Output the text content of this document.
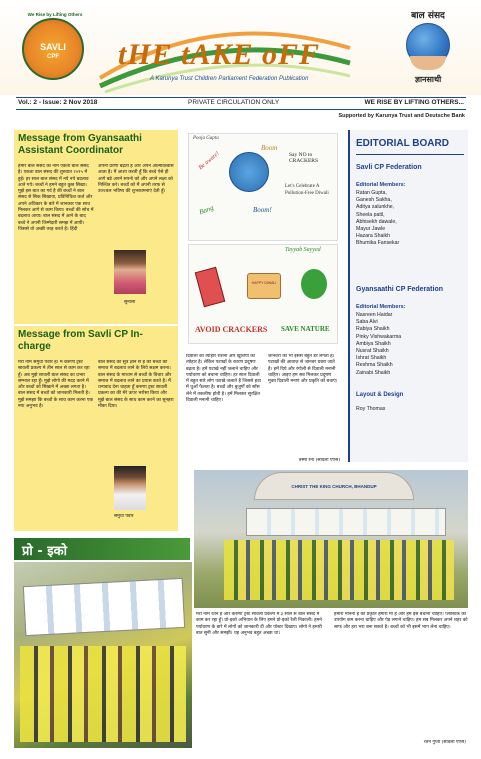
We Rise by Lifting Others
SAVLI
CPF	tHE tAKE oFF
A Karunya Trust Children Parliament Federation Publication
बाल संसद
ज्ञानसाथी
Vol.: 2 - Issue: 2 Nov 2018	PRIVATE CIRCULATION ONLY	WE RISE BY LIFTING OTHERS...
Supported by Karunya Trust and Deutsche Bank
Message from Gyansaathi Assistant Coordinator
हमारे बाल संसद का नाम एकता बाल संसद है। एकता बाल संसद की शुरुवात २०१५ में हुई। हर साल बाल संसद में नये नये बदलाव आते गये। बच्चों ने हमने बहुत कुछ सिखा। मुझे इस बात का गर्व है की बच्चों ने बाल संसद से सिक सिखाया, प्रतिनिधित्व कर्ज और अपने अधिकार के बारे में जानकार एक साथ मिलकर आगे से काम किया। बच्चों की सोच में बदलाव आया। बाल संसद में आने के बाद बच्चे ने अपनी जिम्मेदारी समझ में आयी। जिससे वो अच्छी तरह करते है। हिंदी
अपनी प्रेरणा बढ़ती है और अपने आत्मविश्वास आता है। मैं आशा करती हूँ कि बच्चे ऐसे ही आगे बढे अपने सपनो को और अपने लक्ष्य को निश्चित करे। बच्चों को मैं अपनी तरफ़ से उज्ज्वल भविष्य की शुभकामनाएं देती हूँ।
सुनाली
Message from Savli CP In-charge
मेरा नाम समुधा पवार है। मैं करुणा ट्रस्ट सावली प्रकल्प मे तीन साल से काम कर रहा हूँ। अब मुझे सावली बाल संसद का प्रभार सम्भाल रहा हूँ। मुझे लोगो की मदद करने में और बच्चों को सिखाने में अच्छा लगता है। बाल संसद में बच्चों को जानकारी मिलती है। मुझे समझा कि बच्चों के साथ काम करना एक नया अनुभव है।
बाल संसद का सुत्र ज्ञान से है की बच्चों को समाज में बदलाव लाने के लिये सक्षम करना। बाल संसद के माध्यम से बच्चों के विचार और समाज में बदलाव लाने का प्रयास करते है। मैं धन्यवाद देना चाहता हूँ करुणा ट्रस्ट सावली प्रकल्प का की मेरे ऊपर भरोसा किया और मुझे बाल संसद के साथ काम करने का सुनहरा मौका दिया।
समुधा पवार
Pooja Gupta
Be aware!
Boom
Say NO to CRACKERS
Let's Celebrate A Pollution-Free Diwali
Boom!
Bang
Tayyab Sayyed
HAPPY DIWALI
AVOID CRACKERS SAVE NATURE
दिवाली का त्योहार रोशनी और खुशियों का त्योहार है। लेकिन पटाखों के कारण प्रदूषण बढ़ता है। हमें पटाखे नहीं जलाने चाहिए और पर्यावरण को बचाना चाहिए। हर साल दिवाली में बहुत सारे लोग पटाखे जलाते है जिससे हवा में धुआँ फैलता है। बच्चों और बुजुर्गों को साँस लेने में तकलीफ होती है। हमें मिलकर सुरक्षित दिवाली मनानी चाहिए।
जानवरों को भी इससे बहुत डर लगता है। पटाखों की आवाज़ से जानवर घबरा जाते है। हमें दिये और रंगोली से दिवाली मनानी चाहिए। आइए हम सब मिलकर प्रदूषण मुक्त दिवाली मनाएं और प्रकृति को बचाएं।
तस्मा रैना (सावली एएस)
EDITORIAL BOARD
Savli CP Federation
Editorial Members:
Ratan Gupta,
Ganesh Sakha,
Aditya salunkhe,
Sheela patil,
Abhisekh dawale,
Mayur Jawle
Hazara Shaikh
Bhumika Fansekar
Gyansaathi CP Federation
Editorial Members:
Nasreen Haidar
Saba Alvi
Rabiya Shaikh
Pinky Vishwakarma
Ambiya Shaikh
Nusrat Shaikh
Ishrat Shaikh
Reshma Shaikh
Zainabi Shaikh
Layout & Design
Roy Thomas
CHRIST THE KING CHURCH, BHANDUP
प्रो - इको
मेरा नाम रतन है और करुणा ट्रस्ट सावली प्रकल्प में ३ साल से बाल संसद में काम कर रहा हूँ। प्रो-इको अभियान के लिए हमने प्रो-इको रैली निकाली। हमने पर्यावरण के बारे में लोगों को जानकारी दी और पोस्टर दिखाए। लोगो ने हमारी बात सुनी और समझी। यह अनुभव बहुत अच्छा था।
हमारा मानना है की प्रकृति हमारी माँ है और हमें इसे बचाना चाहिए। प्लास्टिक का उपयोग कम करना चाहिए और पेड़ लगाने चाहिए। हम सब मिलकर अपने शहर को साफ और हरा भरा बना सकते है। बच्चों को भी इसमें भाग लेना चाहिए।
रतन गुप्ता (सावली एएस)
